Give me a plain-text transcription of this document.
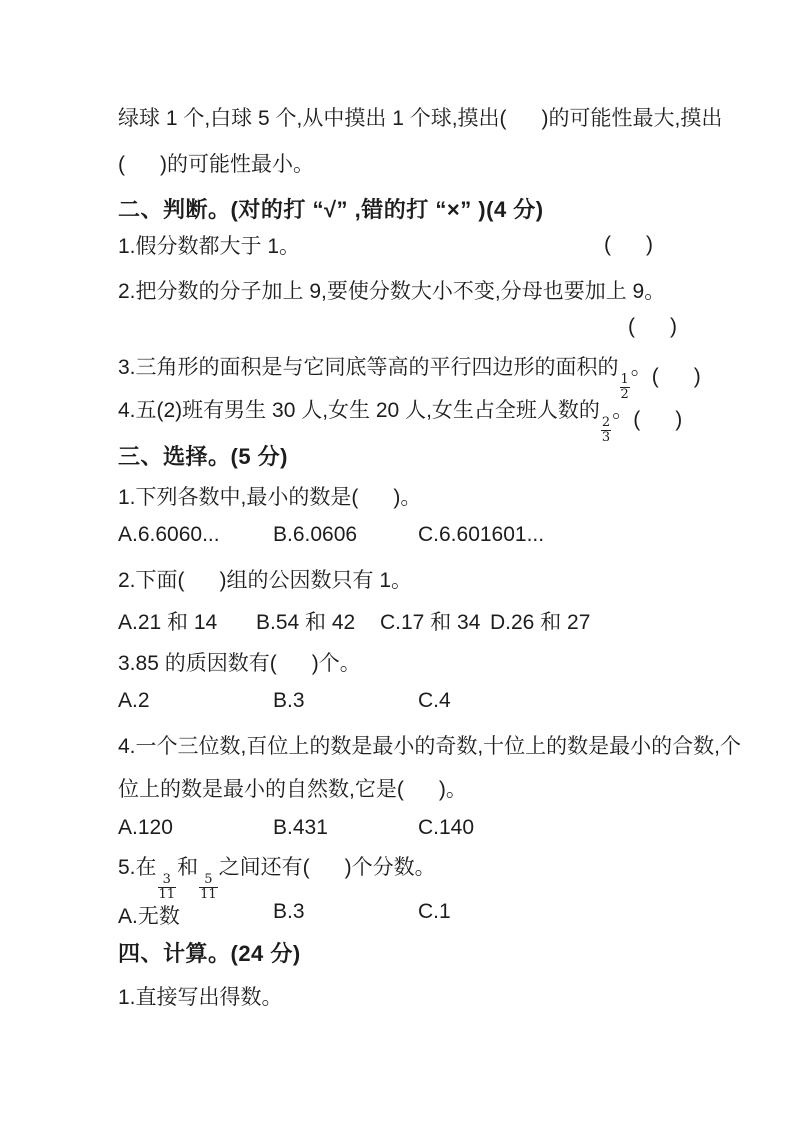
绿球 1 个,白球 5 个,从中摸出 1 个球,摸出(      )的可能性最大,摸出
(      )的可能性最小。
二、判断。(对的打 “√” ,错的打 “×” )(4 分)
1.假分数都大于 1。	(      )
2.把分数的分子加上 9,要使分数大小不变,分母也要加上 9。
(      )
3.三角形的面积是与它同底等高的平行四边形的面积的
$\frac{1}{2}$
。 (      )
4.五(2)班有男生 30 人,女生 20 人,女生占全班人数的
$\frac{2}{3}$
。 (      )
三、选择。(5 分)
1.下列各数中,最小的数是(      )。

A.6.6060...

	B.6.0606

	C.6.601601...

2.下面(      )组的公因数只有 1。

A.21 和 14

B.54 和 42

C.17 和 34

D.26 和 27

3.85 的质因数有(      )个。

A.2

	B.3

	C.4

4.一个三位数,百位上的数是最小的奇数,十位上的数是最小的合数,个
位上的数是最小的自然数,它是(      )。

A.120

	B.431

	C.140

5.在
$\frac{3}{11}$
和
$\frac{5}{11}$
之间还有(      )个分数。

A.无数

	B.3

	C.1

四、计算。(24 分)
1.直接写出得数。
